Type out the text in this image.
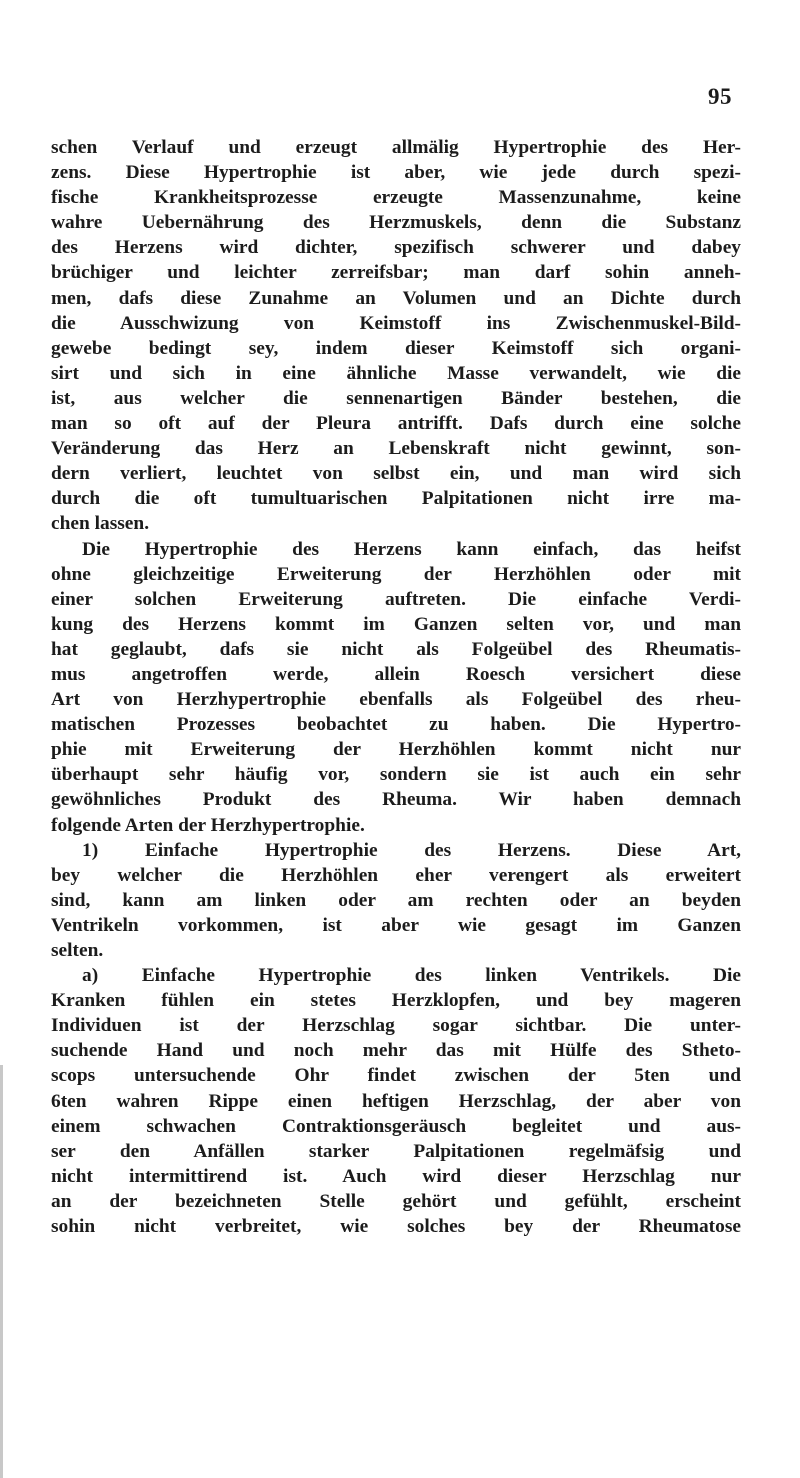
95
schen Verlauf und erzeugt allmälig Hypertrophie des Her-
zens. Diese Hypertrophie ist aber, wie jede durch spezi-
fische Krankheitsprozesse erzeugte Massenzunahme, keine
wahre Uebernährung des Herzmuskels, denn die Substanz
des Herzens wird dichter, spezifisch schwerer und dabey
brüchiger und leichter zerreifsbar; man darf sohin anneh-
men, dafs diese Zunahme an Volumen und an Dichte durch
die Ausschwizung von Keimstoff ins Zwischenmuskel-Bild-
gewebe bedingt sey, indem dieser Keimstoff sich organi-
sirt und sich in eine ähnliche Masse verwandelt, wie die
ist, aus welcher die sennenartigen Bänder bestehen, die
man so oft auf der Pleura antrifft. Dafs durch eine solche
Veränderung das Herz an Lebenskraft nicht gewinnt, son-
dern verliert, leuchtet von selbst ein, und man wird sich
durch die oft tumultuarischen Palpitationen nicht irre ma-
chen lassen.
Die Hypertrophie des Herzens kann einfach, das heifst
ohne gleichzeitige Erweiterung der Herzhöhlen oder mit
einer solchen Erweiterung auftreten. Die einfache Verdi-
kung des Herzens kommt im Ganzen selten vor, und man
hat geglaubt, dafs sie nicht als Folgeübel des Rheumatis-
mus angetroffen werde, allein Roesch versichert diese
Art von Herzhypertrophie ebenfalls als Folgeübel des rheu-
matischen Prozesses beobachtet zu haben. Die Hypertro-
phie mit Erweiterung der Herzhöhlen kommt nicht nur
überhaupt sehr häufig vor, sondern sie ist auch ein sehr
gewöhnliches Produkt des Rheuma. Wir haben demnach
folgende Arten der Herzhypertrophie.
1) Einfache Hypertrophie des Herzens. Diese Art,
bey welcher die Herzhöhlen eher verengert als erweitert
sind, kann am linken oder am rechten oder an beyden
Ventrikeln vorkommen, ist aber wie gesagt im Ganzen
selten.
a) Einfache Hypertrophie des linken Ventrikels. Die
Kranken fühlen ein stetes Herzklopfen, und bey mageren
Individuen ist der Herzschlag sogar sichtbar. Die unter-
suchende Hand und noch mehr das mit Hülfe des Stheto-
scops untersuchende Ohr findet zwischen der 5ten und
6ten wahren Rippe einen heftigen Herzschlag, der aber von
einem schwachen Contraktionsgeräusch begleitet und aus-
ser den Anfällen starker Palpitationen regelmäfsig und
nicht intermittirend ist. Auch wird dieser Herzschlag nur
an der bezeichneten Stelle gehört und gefühlt, erscheint
sohin nicht verbreitet, wie solches bey der Rheumatose
